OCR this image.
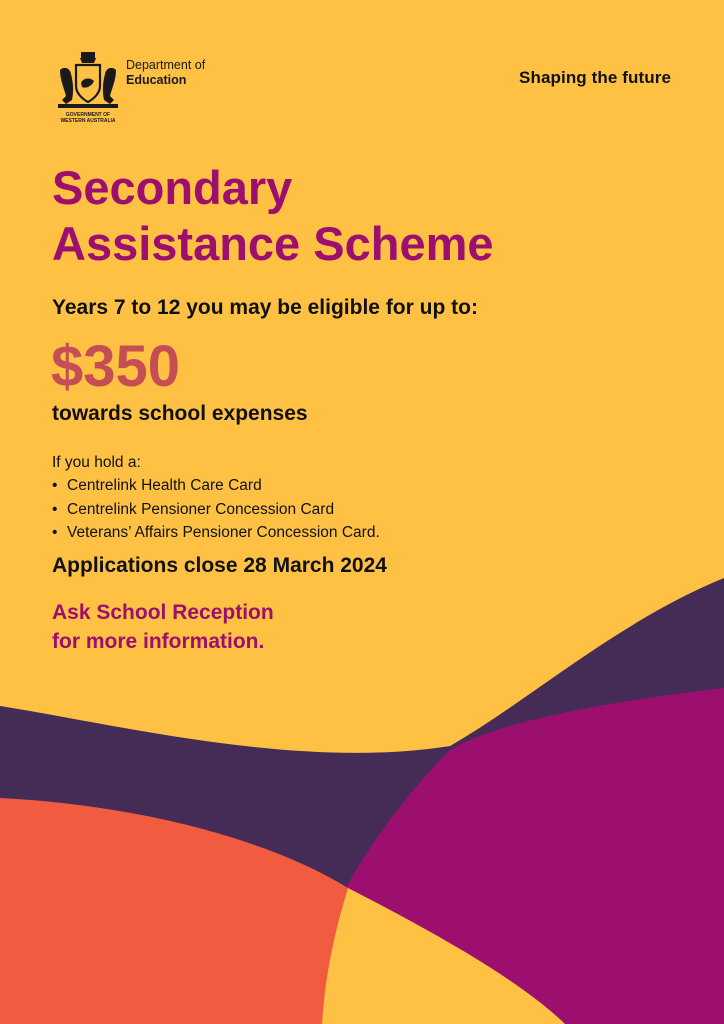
GOVERNMENT OF
WESTERN AUSTRALIA
Department of
Education	Shaping the future
Secondary
Assistance Scheme
Years 7 to 12 you may be eligible for up to:
$350
towards school expenses
If you hold a:
• Centrelink Health Care Card
• Centrelink Pensioner Concession Card
• Veterans’ Affairs Pensioner Concession Card.
Applications close 28 March 2024
Ask School Reception
for more information.
